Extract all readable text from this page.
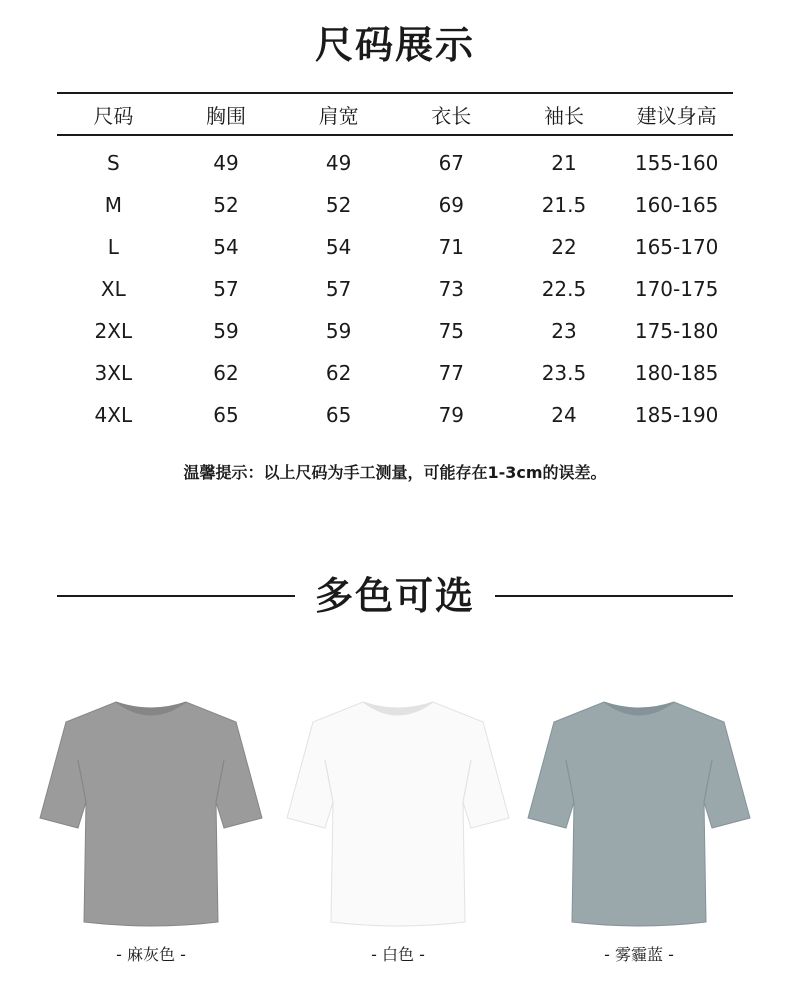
尺码展示
尺码	胸围	肩宽	衣长	袖长	建议身高
S	49	49	67	21	155-160
M	52	52	69	21.5	160-165
L	54	54	71	22	165-170
XL	57	57	73	22.5	170-175
2XL	59	59	75	23	175-180
3XL	62	62	77	23.5	180-185
4XL	65	65	79	24	185-190
温馨提示：以上尺码为手工测量，可能存在1-3cm的误差。
多色可选
- 麻灰色 -	- 白色 -	- 雾霾蓝 -
